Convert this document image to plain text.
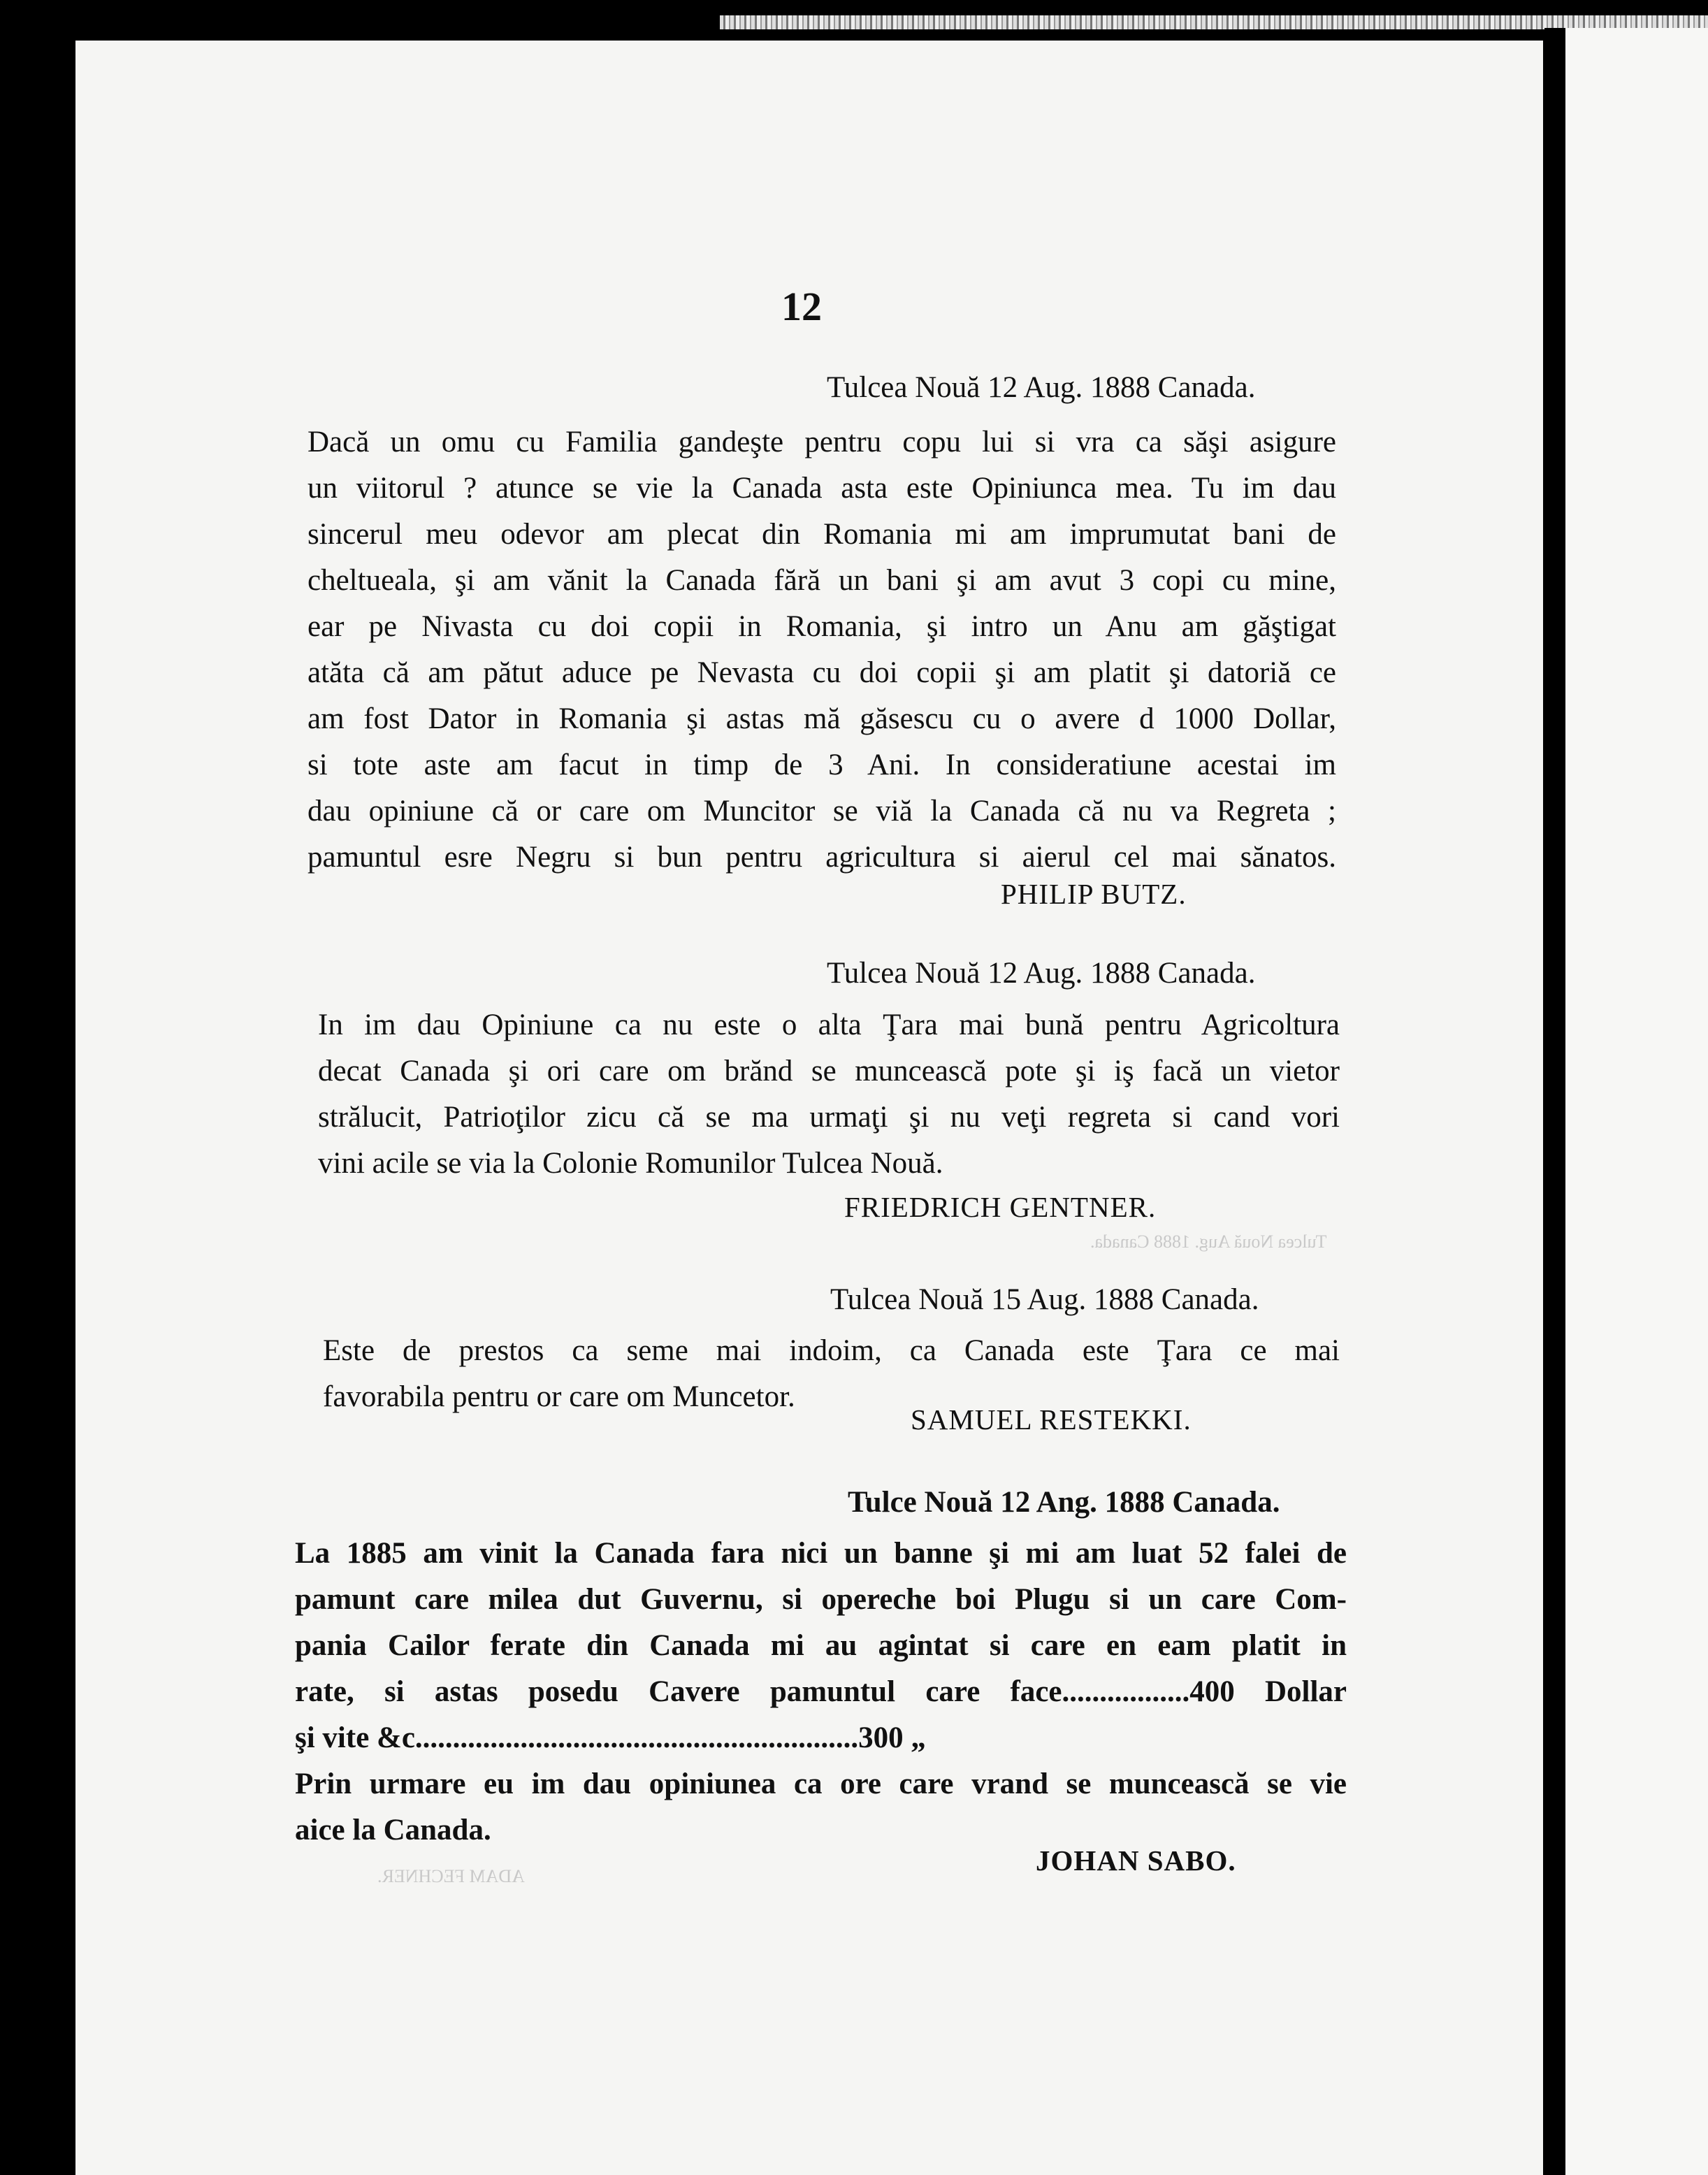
ADAM FECHNER.
Tulcea Nouă Aug. 1888 Canada.
12
Tulcea Nouă 12 Aug. 1888 Canada.
Dacă un omu cu Familia gandeşte pentru copu lui si vra ca săşi asigure
un viitorul ? atunce se vie la Canada asta este Opiniunca mea. Tu im dau
sincerul meu odevor am plecat din Romania mi am imprumutat bani de
cheltueala, şi am vănit la Canada fără un bani şi am avut 3 copi cu mine,
ear pe Nivasta cu doi copii in Romania, şi intro un Anu am găştigat
atăta că am pătut aduce pe Nevasta cu doi copii şi am platit şi datoriă ce
am fost Dator in Romania şi astas mă găsescu cu o avere d 1000 Dollar,
si tote aste am facut in timp de 3 Ani. In consideratiune acestai im
dau opiniune că or care om Muncitor se viă la Canada că nu va Regreta ;
pamuntul esre Negru si bun pentru agricultura si aierul cel mai sănatos.
PHILIP BUTZ.
Tulcea Nouă 12 Aug. 1888 Canada.
In im dau Opiniune ca nu este o alta Ţara mai bună pentru Agricoltura
decat Canada şi ori care om brănd se muncească pote şi iş facă un vietor
strălucit, Patrioţilor zicu că se ma urmaţi şi nu veţi regreta si cand vori
vini acile se via la Colonie Romunilor Tulcea Nouă.
FRIEDRICH GENTNER.
Tulcea Nouă 15 Aug. 1888 Canada.
Este de prestos ca seme mai indoim, ca Canada este Ţara ce mai
favorabila pentru or care om Muncetor.
SAMUEL RESTEKKI.
Tulce Nouă 12 Ang. 1888 Canada.
La 1885 am vinit la Canada fara nici un banne şi mi am luat 52 falei de
pamunt care milea dut Guvernu, si opereche boi Plugu si un care Com-
pania Cailor ferate din Canada mi au agintat si care en eam platit in
rate, si astas posedu Cavere pamuntul care face.................400 Dollar
şi vite &c...........................................................300 „
Prin urmare eu im dau opiniunea ca ore care vrand se muncească se vie
aice la Canada.
JOHAN SABO.
